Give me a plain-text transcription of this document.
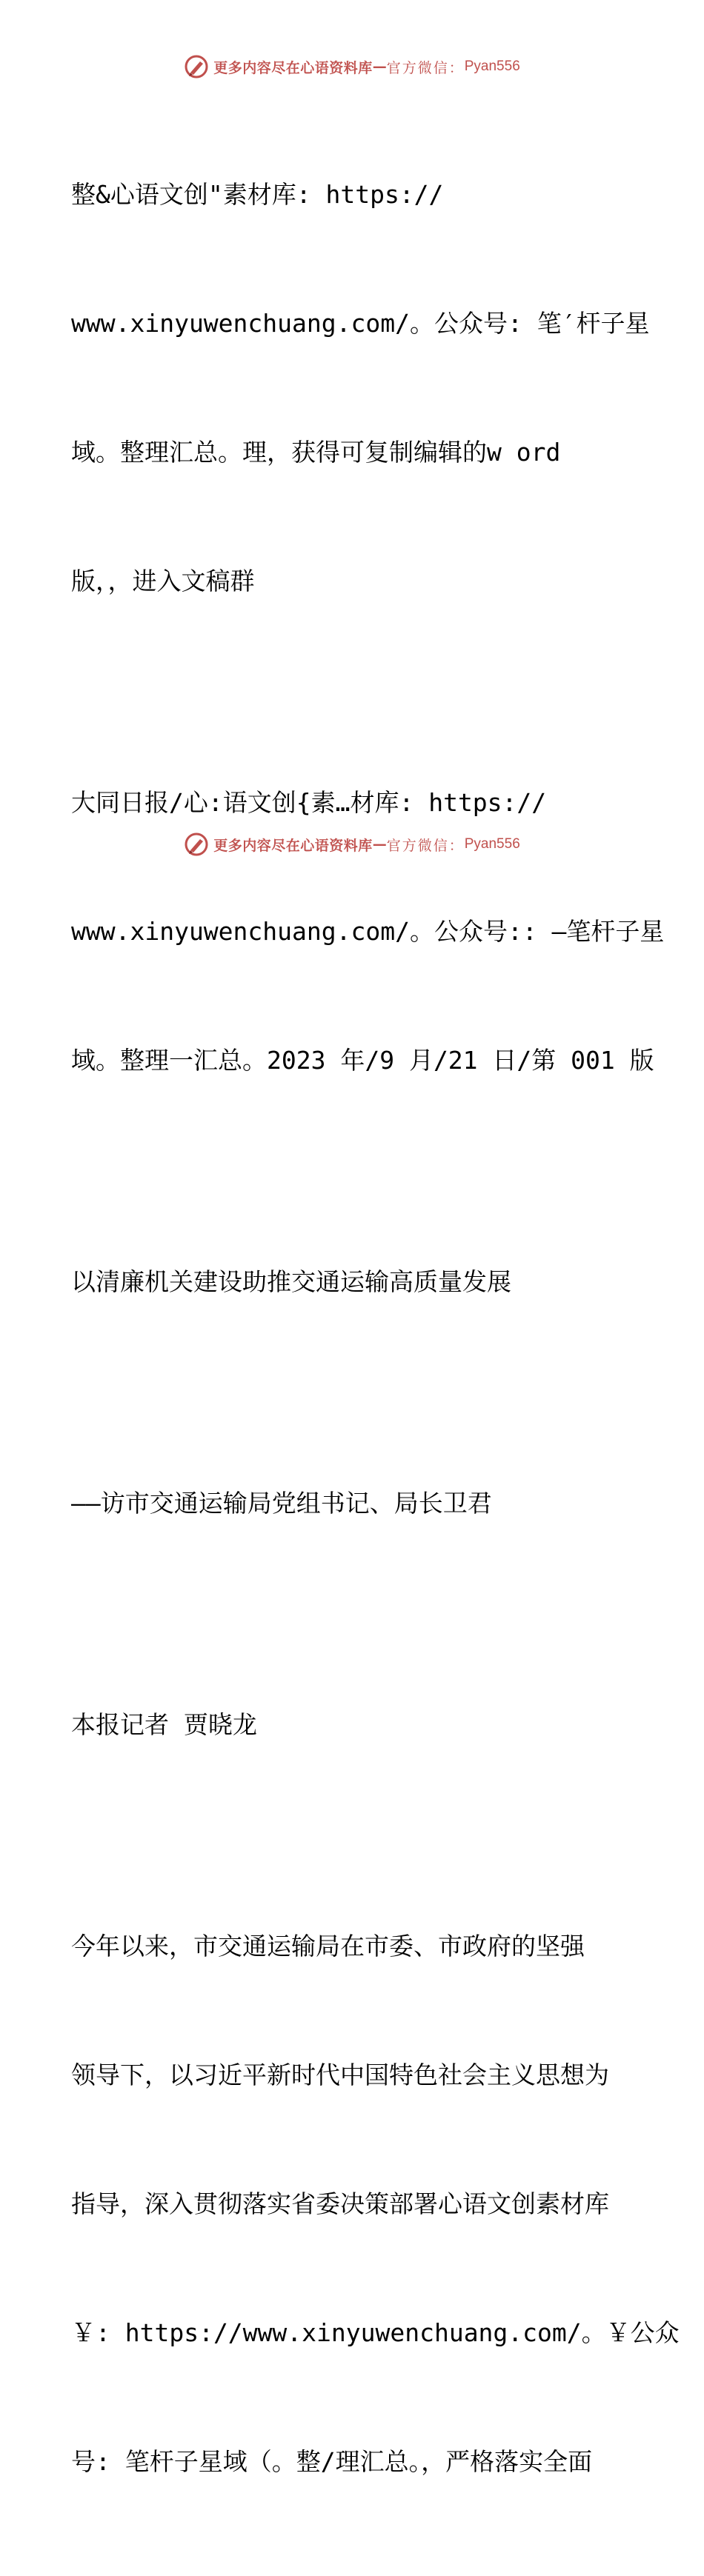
更多内容尽在心语资料库 — 官方微信： Pyan556

整&心语文创"素材库: https://

www.xinyuwenchuang.com/。公众号: 笔′杆子星

域。整理汇总。理，获得可复制编辑的w ord

版，，进入文稿群

大同日报/心:语文创{素…材库: https://

www.xinyuwenchuang.com/。公众号:: —笔杆子星

域。整理一汇总。2023 年/9 月/21 日/第 001 版

以清廉机关建设助推交通运输高质量发展

——访市交通运输局党组书记、局长卫君

本报记者 贾晓龙

今年以来，市交通运输局在市委、市政府的坚强

领导下，以习近平新时代中国特色社会主义思想为

指导，深入贯彻落实省委决策部署心语文创素材库

￥: https://www.xinyuwenchuang.com/。￥公众

号: 笔杆子星域（。整/理汇总。，严格落实全面

更多内容尽在心语资料库 — 官方微信： Pyan556
